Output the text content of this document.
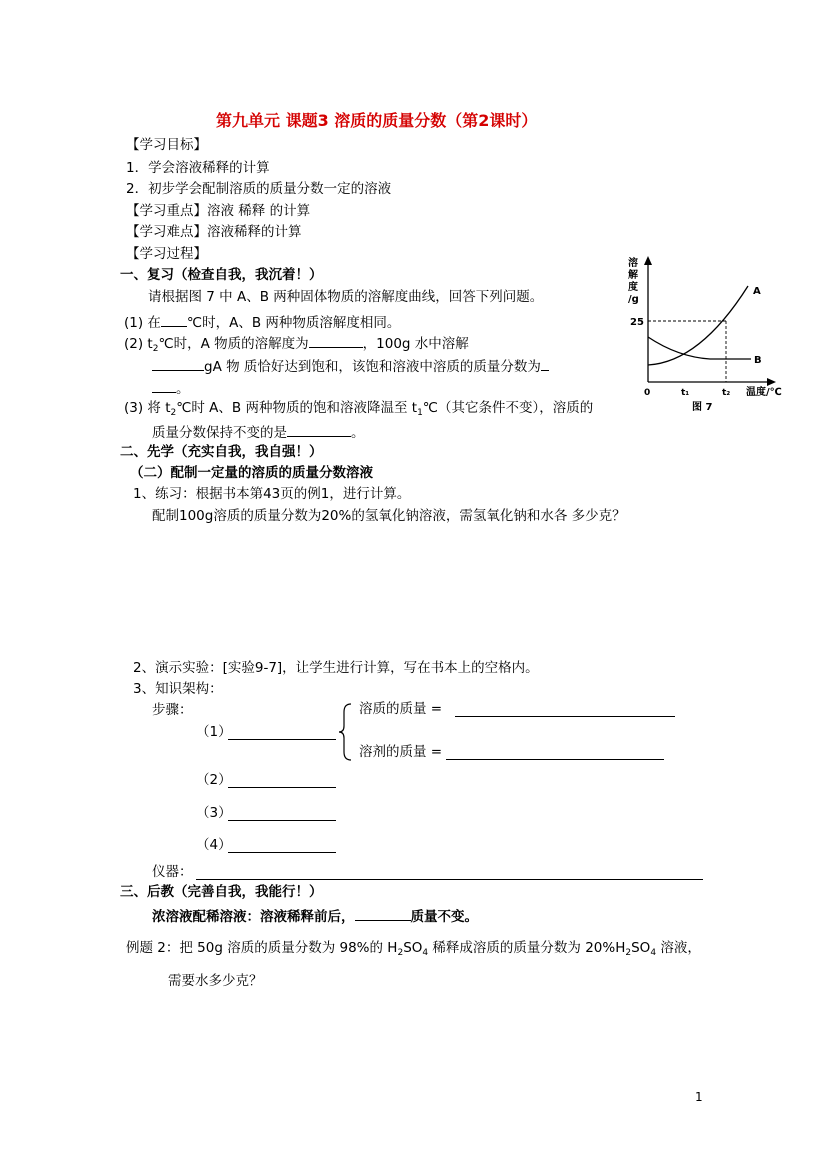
第九单元 课题3 溶质的质量分数（第2课时）
【学习目标】
1．学会溶液稀释的计算
2．初步学会配制溶质的质量分数一定的溶液
【学习重点】溶液 稀释 的计算
【学习难点】溶液稀释的计算
【学习过程】
一、复习（检查自我，我沉着！）
请根据图 7 中 A、B 两种固体物质的溶解度曲线，回答下列问题。
(1) 在 ℃时，A、B 两种物质溶解度相同。
(2) $t_2℃$时，A 物质的溶解度为	，100g 水中溶解
gA 物 质恰好达到饱和，该饱和溶液中溶质的质量分数为
。
(3) 将 $t_2℃$时 A、B 两种物质的饱和溶液降温至 $t_1℃$（其它条件不变），溶质的
质量分数保持不变的是	。
溶
解
度
/g
25
0	t₁	t₂ 温度/℃
A
B
图 7
二、先学（充实自我，我自强！）
（二）配制一定量的溶质的质量分数溶液
1、练习：根据书本第43页的例1，进行计算。
配制100g溶质的质量分数为20%的氢氧化钠溶液，需氢氧化钠和水各 多少克？
2、演示实验：[实验9-7]，让学生进行计算，写在书本上的空格内。
3、知识架构：
步骤：
（1）
溶质的质量 =
溶剂的质量 =
（2）
（3）
（4）
仪器：
三、后教（完善自我，我能行！）
浓溶液配稀溶液：溶液稀释前后，	质量不变。
例题 2：把 50g 溶质的质量分数为 98%的 $H_2SO_4$ 稀释成溶质的质量分数为 $20\%H_2SO_4$ 溶液，
需要水多少克？
1
